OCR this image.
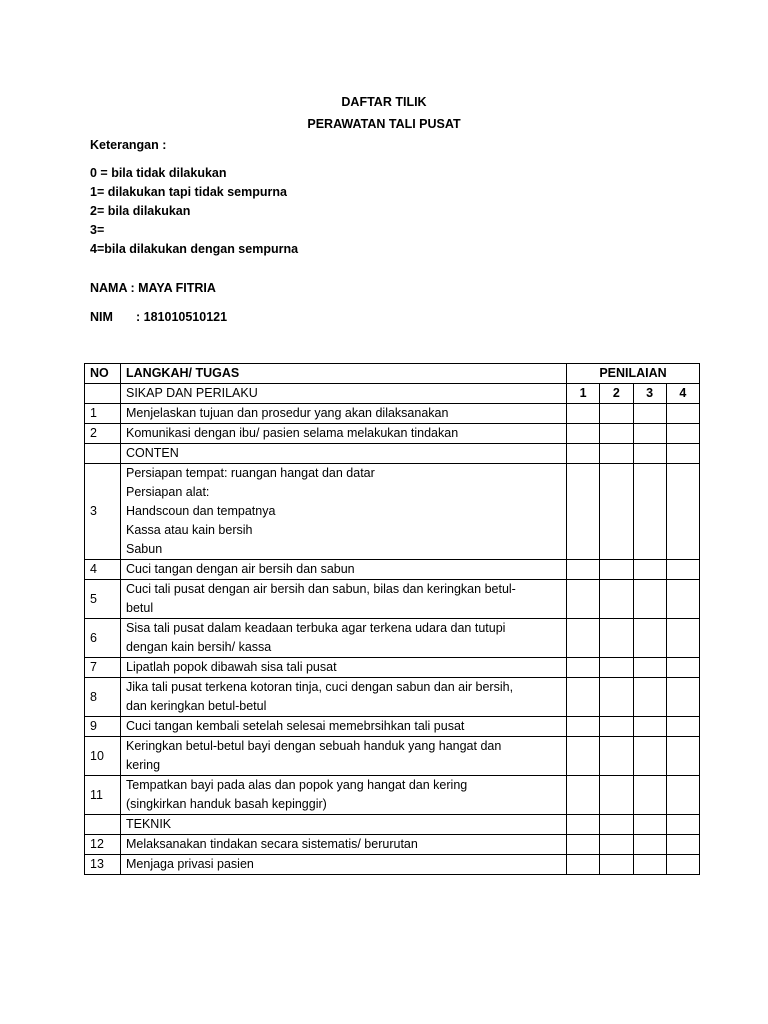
DAFTAR TILIK
PERAWATAN TALI PUSAT
Keterangan :
0 = bila tidak dilakukan
1= dilakukan tapi tidak sempurna
2= bila dilakukan
3=
4=bila dilakukan dengan sempurna
NAMA : MAYA FITRIA
NIM : 181010510121
NO	LANGKAH/ TUGAS	PENILAIAN			
	SIKAP DAN PERILAKU	1	2	3	4
1	Menjelaskan tujuan dan prosedur yang akan dilaksanakan				

2	Komunikasi dengan ibu/ pasien selama melakukan tindakan				

	CONTEN				
3	Persiapan tempat: ruangan hangat dan datar
Persiapan alat:
Handscoun dan tempatnya
Kassa atau kain bersih
Sabun				

4	Cuci tangan dengan air bersih dan sabun				

5	Cuci tali pusat dengan air bersih dan sabun, bilas dan keringkan betul-
betul				

6	Sisa tali pusat dalam keadaan terbuka agar terkena udara dan tutupi
dengan kain bersih/ kassa				

7	Lipatlah popok dibawah sisa tali pusat				

8	Jika tali pusat terkena kotoran tinja, cuci dengan sabun dan air bersih,
dan keringkan betul-betul				

9	Cuci tangan kembali setelah selesai memebrsihkan tali pusat				

10	Keringkan betul-betul bayi dengan sebuah handuk yang hangat dan
kering				

11	Tempatkan bayi pada alas dan popok yang hangat dan kering
(singkirkan handuk basah kepinggir)				

	TEKNIK				
12	Melaksanakan tindakan secara sistematis/ berurutan				

13	Menjaga privasi pasien				
